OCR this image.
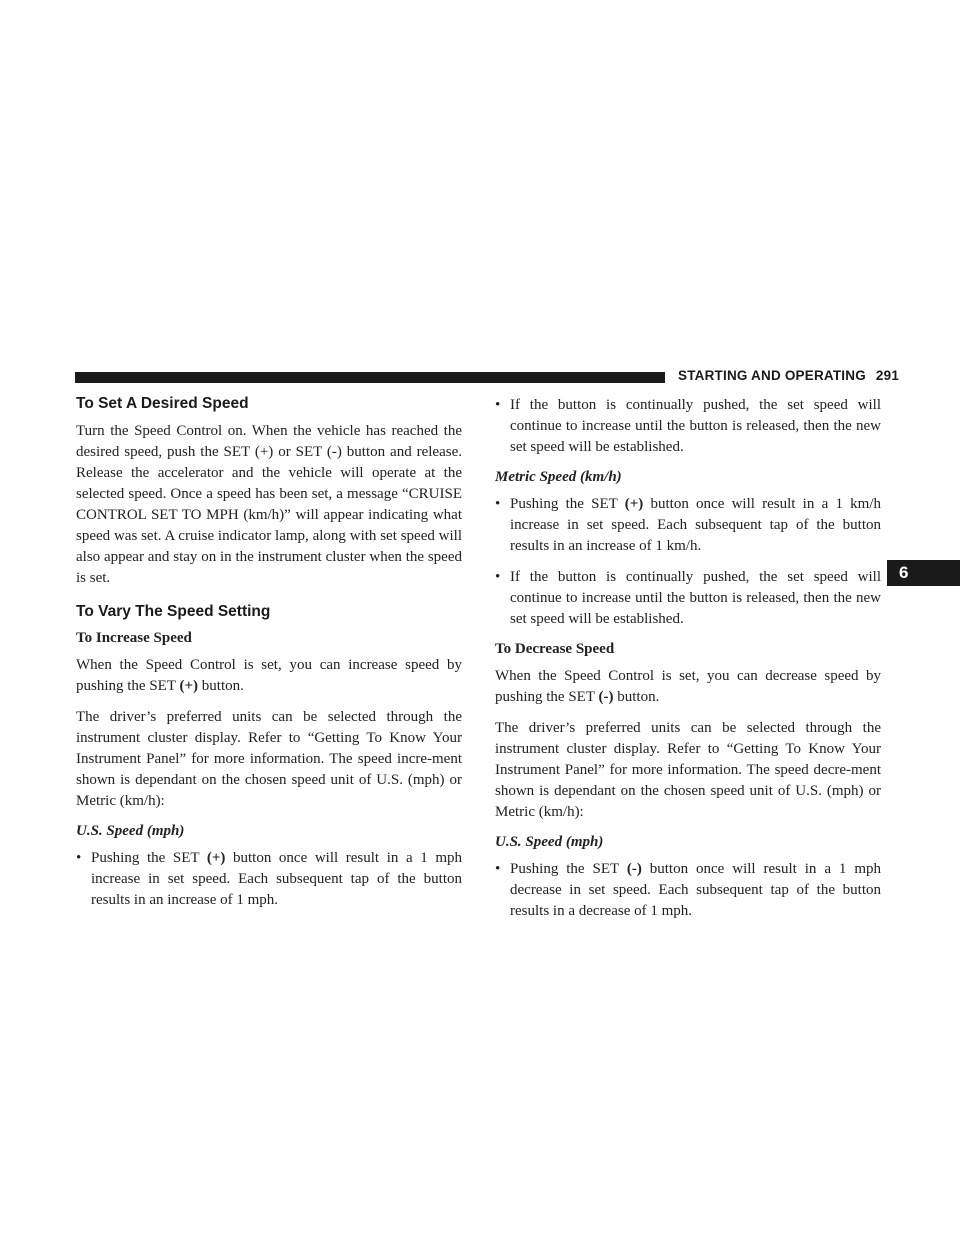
STARTING AND OPERATING 291
6
To Set A Desired Speed

Turn the Speed Control on. When the vehicle has reached the desired speed, push the SET (+) or SET (-) button and release. Release the accelerator and the vehicle will operate at the selected speed. Once a speed has been set, a message “CRUISE CONTROL SET TO MPH (km/h)” will appear indicating what speed was set. A cruise indicator lamp, along with set speed will also appear and stay on in the instrument cluster when the speed is set.

To Vary The Speed Setting
To Increase Speed

When the Speed Control is set, you can increase speed by pushing the SET (+) button.

The driver’s preferred units can be selected through the instrument cluster display. Refer to “Getting To Know Your Instrument Panel” for more information. The speed incre-ment shown is dependant on the chosen speed unit of U.S. (mph) or Metric (km/h):

U.S. Speed (mph)
• Pushing the SET (+) button once will result in a 1 mph increase in set speed. Each subsequent tap of the button results in an increase of 1 mph.
• If the button is continually pushed, the set speed will continue to increase until the button is released, then the new set speed will be established.
Metric Speed (km/h)
• Pushing the SET (+) button once will result in a 1 km/h increase in set speed. Each subsequent tap of the button results in an increase of 1 km/h.
• If the button is continually pushed, the set speed will continue to increase until the button is released, then the new set speed will be established.
To Decrease Speed

When the Speed Control is set, you can decrease speed by pushing the SET (-) button.

The driver’s preferred units can be selected through the instrument cluster display. Refer to “Getting To Know Your Instrument Panel” for more information. The speed decre-ment shown is dependant on the chosen speed unit of U.S. (mph) or Metric (km/h):

U.S. Speed (mph)
• Pushing the SET (-) button once will result in a 1 mph decrease in set speed. Each subsequent tap of the button results in a decrease of 1 mph.
